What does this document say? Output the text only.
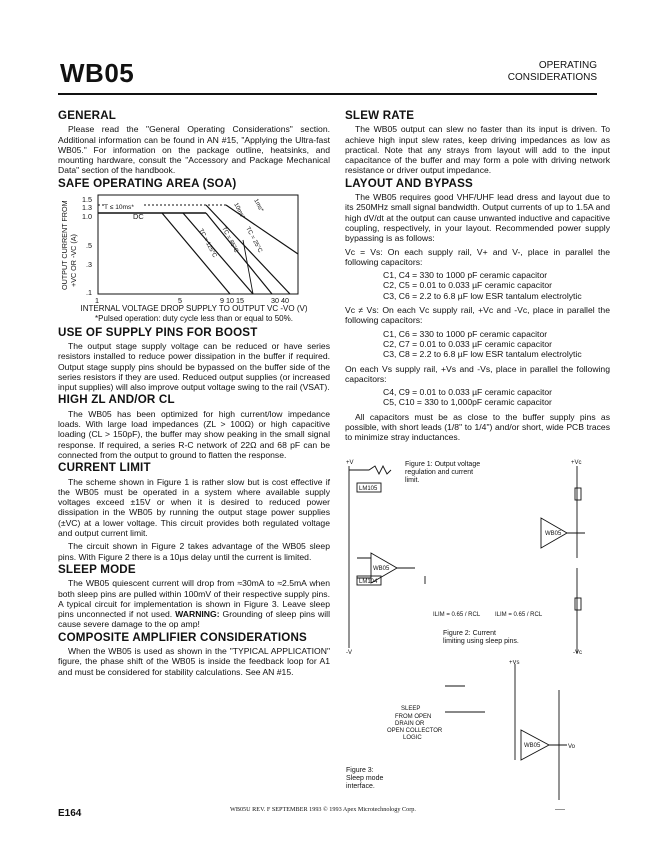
WB05	OPERATING
CONSIDERATIONS
GENERAL

Please read the "General Operating Considerations" section. Additional information can be found in AN #15, "Applying the Ultra-fast WB05." For information on the package outline, heatsinks, and mounting hardware, consult the "Accessory and Package Mechanical Data" section of the handbook.

SAFE OPERATING AREA (SOA)
OUTPUT CURRENT FROM +VC OR -VC (A)
1.5
1.3
1.0
.5
.3
.1
1	5	9 10 15	30 40
T ≤ 10ms*
DC
1ms*
10ms*
TC = 25°C
TC = 85°C
TC = 125°C
INTERNAL VOLTAGE DROP SUPPLY TO OUTPUT VC -VO (V)
*Pulsed operation: duty cycle less than or equal to 50%.
USE OF SUPPLY PINS FOR BOOST

The output stage supply voltage can be reduced or have series resistors installed to reduce power dissipation in the buffer if required. Output stage supply pins should be bypassed on the buffer side of the series resistors if they are used. Reduced output supplies (or increased input supplies) will also improve output voltage swing to the rail (VSAT).

HIGH ZL AND/OR CL

The WB05 has been optimized for high current/low impedance loads. With large load impedances (ZL > 100Ω) or high capacitive loading (CL > 150pF), the buffer may show peaking in the small signal response. If required, a series R-C network of 22Ω and 68 pF can be connected from the output to ground to flatten the response.

CURRENT LIMIT

The scheme shown in Figure 1 is rather slow but is cost effective if the WB05 must be operated in a system where available supply voltages exceed ±15V or when it is desired to reduced power dissipation in the WB05 by running the output stage power supplies (±VC) at a lower voltage. This circuit provides both regulated voltage and output current limit.

The circuit shown in Figure 2 takes advantage of the WB05 sleep pins. With Figure 2 there is a 10µs delay until the current is limited.

SLEEP MODE

The WB05 quiescent current will drop from ≈30mA to ≈2.5mA when both sleep pins are pulled within 100mV of their respective supply pins. A typical circuit for implementation is shown in Figure 3. Leave sleep pins unconnected if not used. WARNING: Grounding of sleep pins will cause severe damage to the op amp!

COMPOSITE AMPLIFIER CONSIDERATIONS

When the WB05 is used as shown in the "TYPICAL APPLICATION" figure, the phase shift of the WB05 is inside the feedback loop for A1 and must be considered for stability calculations. See AN #15.

SLEW RATE

The WB05 output can slew no faster than its input is driven. To achieve high input slew rates, keep driving impedances as low as practical. Note that any strays from layout will add to the input capacitance of the buffer and may form a pole with driving network resistance or driver output impedance.

LAYOUT AND BYPASS

The WB05 requires good VHF/UHF lead dress and layout due to its 250MHz small signal bandwidth. Output currents of up to 1.5A and high dV/dt at the output can cause unwanted inductive and capacitive coupling, respectively, in your layout. Recommended power supply bypassing is as follows:

Vc = Vs: On each supply rail, V+ and V-, place in parallel the following capacitors:

C1, C4 = 330 to 1000 pF ceramic capacitor
C2, C5 = 0.01 to 0.033 µF ceramic capacitor
C3, C6 = 2.2 to 6.8 µF low ESR tantalum electrolytic

Vc ≠ Vs: On each Vc supply rail, +Vc and -Vc, place in parallel the following capacitors:

C1, C6 = 330 to 1000 pF ceramic capacitor
C2, C7 = 0.01 to 0.033 µF ceramic capacitor
C3, C8 = 2.2 to 6.8 µF low ESR tantalum electrolytic

On each Vs supply rail, +Vs and -Vs, place in parallel the following capacitors:

C4, C9 = 0.01 to 0.033 µF ceramic capacitor
C5, C10 = 330 to 1,000pF ceramic capacitor

All capacitors must be as close to the buffer supply pins as possible, with short leads (1/8" to 1/4") and/or short, wide PCB traces to minimize stray inductances.

+V	Figure 1: Output voltage
regulation and current
limit.
LM105
WB05
LM104
-V
ILIM = 0.65 / RCL
WB05
+Vc
ILIM = 0.65 / RCL
Figure 2: Current
limiting using sleep pins.
-Vc
+Vs
SLEEP
FROM OPEN
DRAIN OR
OPEN COLLECTOR
LOGIC
WB05	Vo
Figure 3:
Sleep mode
interface.
E164	WB05U REV. F SEPTEMBER 1993 © 1993 Apex Microtechnology Corp.
